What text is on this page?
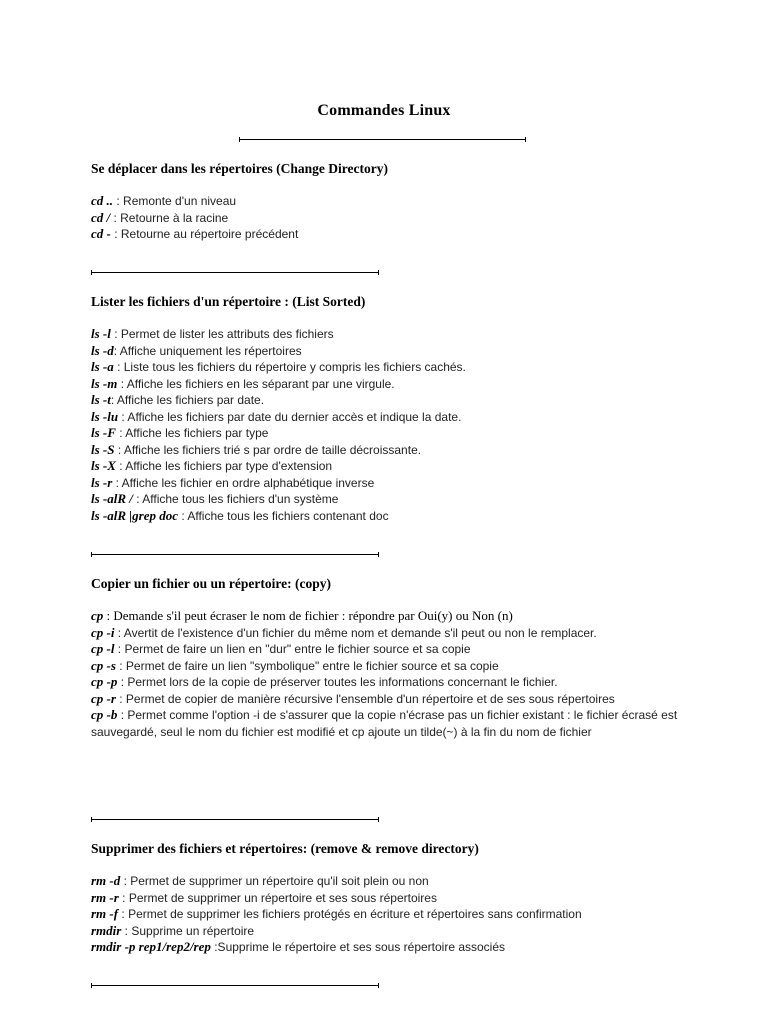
Commandes Linux
Se déplacer dans les répertoires (Change Directory)
cd .. : Remonte d'un niveau
cd / : Retourne à la racine
cd - : Retourne au répertoire précédent
Lister les fichiers d'un répertoire : (List Sorted)
ls -l : Permet de lister les attributs des fichiers
ls -d: Affiche uniquement les répertoires
ls -a : Liste tous les fichiers du répertoire y compris les fichiers cachés.
ls -m : Affiche les fichiers en les séparant par une virgule.
ls -t: Affiche les fichiers par date.
ls -lu : Affiche les fichiers par date du dernier accès et indique la date.
ls -F : Affiche les fichiers par type
ls -S : Affiche les fichiers trié s par ordre de taille décroissante.
ls -X : Affiche les fichiers par type d'extension
ls -r : Affiche les fichier en ordre alphabétique inverse
ls -alR / : Affiche tous les fichiers d'un système
ls -alR |grep doc : Affiche tous les fichiers contenant doc
Copier un fichier ou un répertoire: (copy)
cp : Demande s'il peut écraser le nom de fichier : répondre par Oui(y) ou Non (n)
cp -i : Avertit de l'existence d'un fichier du même nom et demande s'il peut ou non le remplacer.
cp -l : Permet de faire un lien en "dur" entre le fichier source et sa copie
cp -s : Permet de faire un lien "symbolique" entre le fichier source et sa copie
cp -p : Permet lors de la copie de préserver toutes les informations concernant le fichier.
cp -r : Permet de copier de manière récursive l'ensemble d'un répertoire et de ses sous répertoires
cp -b : Permet comme l'option -i de s'assurer que la copie n'écrase pas un fichier existant : le fichier écrasé est sauvegardé, seul le nom du fichier est modifié et cp ajoute un tilde(~) à la fin du nom de fichier
Supprimer des fichiers et répertoires: (remove & remove directory)
rm -d : Permet de supprimer un répertoire qu'il soit plein ou non
rm -r : Permet de supprimer un répertoire et ses sous répertoires
rm -f : Permet de supprimer les fichiers protégés en écriture et répertoires sans confirmation
rmdir : Supprime un répertoire
rmdir -p rep1/rep2/rep :Supprime le répertoire et ses sous répertoire associés
